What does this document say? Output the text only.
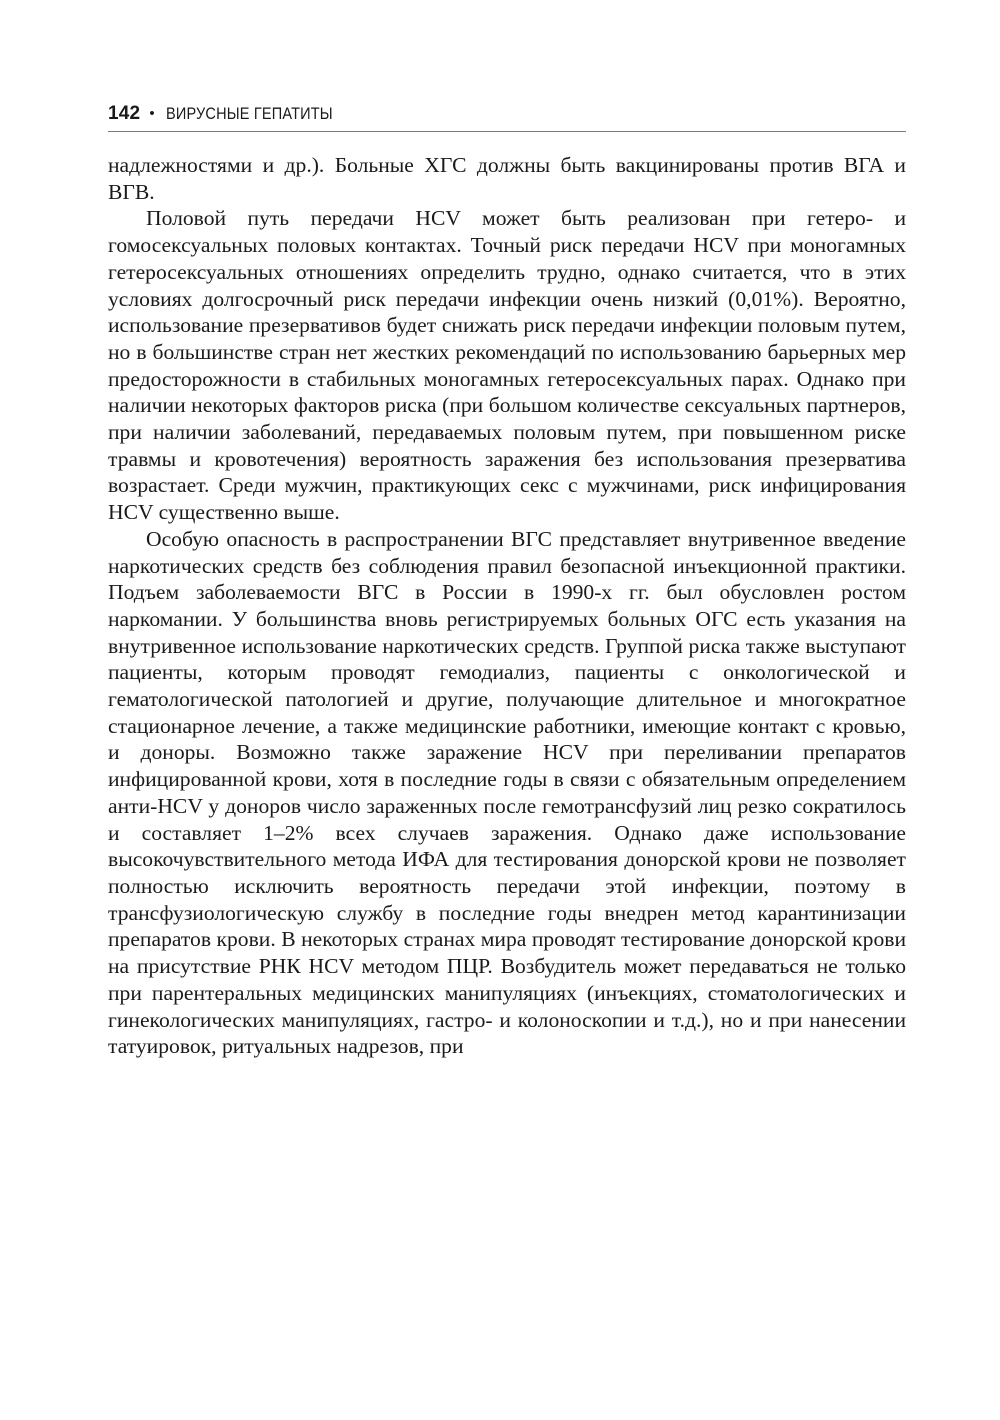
142 • ВИРУСНЫЕ ГЕПАТИТЫ

надлежностями и др.). Больные ХГС должны быть вакцинированы против ВГА и ВГВ.

Половой путь передачи HCV может быть реализован при гетеро- и гомосексуальных половых контактах. Точный риск передачи HCV при моногамных гетеросексуальных отношениях определить трудно, однако считается, что в этих условиях долгосрочный риск передачи инфекции очень низкий (0,01%). Вероятно, использование презервативов будет снижать риск передачи инфекции половым путем, но в большинстве стран нет жестких рекомендаций по использованию барьерных мер предосторожности в стабильных моногамных гетеросексуальных парах. Однако при наличии некоторых факторов риска (при большом количестве сексуальных партнеров, при наличии заболеваний, передаваемых половым путем, при повышенном риске травмы и кровотечения) вероятность заражения без использования презерватива возрастает. Среди мужчин, практикующих секс с мужчинами, риск инфицирования HCV существенно выше.

Особую опасность в распространении ВГС представляет внутривенное введение наркотических средств без соблюдения правил безопасной инъекционной практики. Подъем заболеваемости ВГС в России в 1990-х гг. был обусловлен ростом наркомании. У большинства вновь регистрируемых больных ОГС есть указания на внутривенное использование наркотических средств. Группой риска также выступают пациенты, которым проводят гемодиализ, пациенты с онкологической и гематологической патологией и другие, получающие длительное и многократное стационарное лечение, а также медицинские работники, имеющие контакт с кровью, и доноры. Возможно также заражение HCV при переливании препаратов инфицированной крови, хотя в последние годы в связи с обязательным определением анти-HCV у доноров число зараженных после гемотрансфузий лиц резко сократилось и составляет 1–2% всех случаев заражения. Однако даже использование высокочувствительного метода ИФА для тестирования донорской крови не позволяет полностью исключить вероятность передачи этой инфекции, поэтому в трансфузиологическую службу в последние годы внедрен метод карантинизации препаратов крови. В некоторых странах мира проводят тестирование донорской крови на присутствие РНК HCV методом ПЦР. Возбудитель может передаваться не только при парентеральных медицинских манипуляциях (инъекциях, стоматологических и гинекологических манипуляциях, гастро- и колоноскопии и т.д.), но и при нанесении татуировок, ритуальных надрезов, при
